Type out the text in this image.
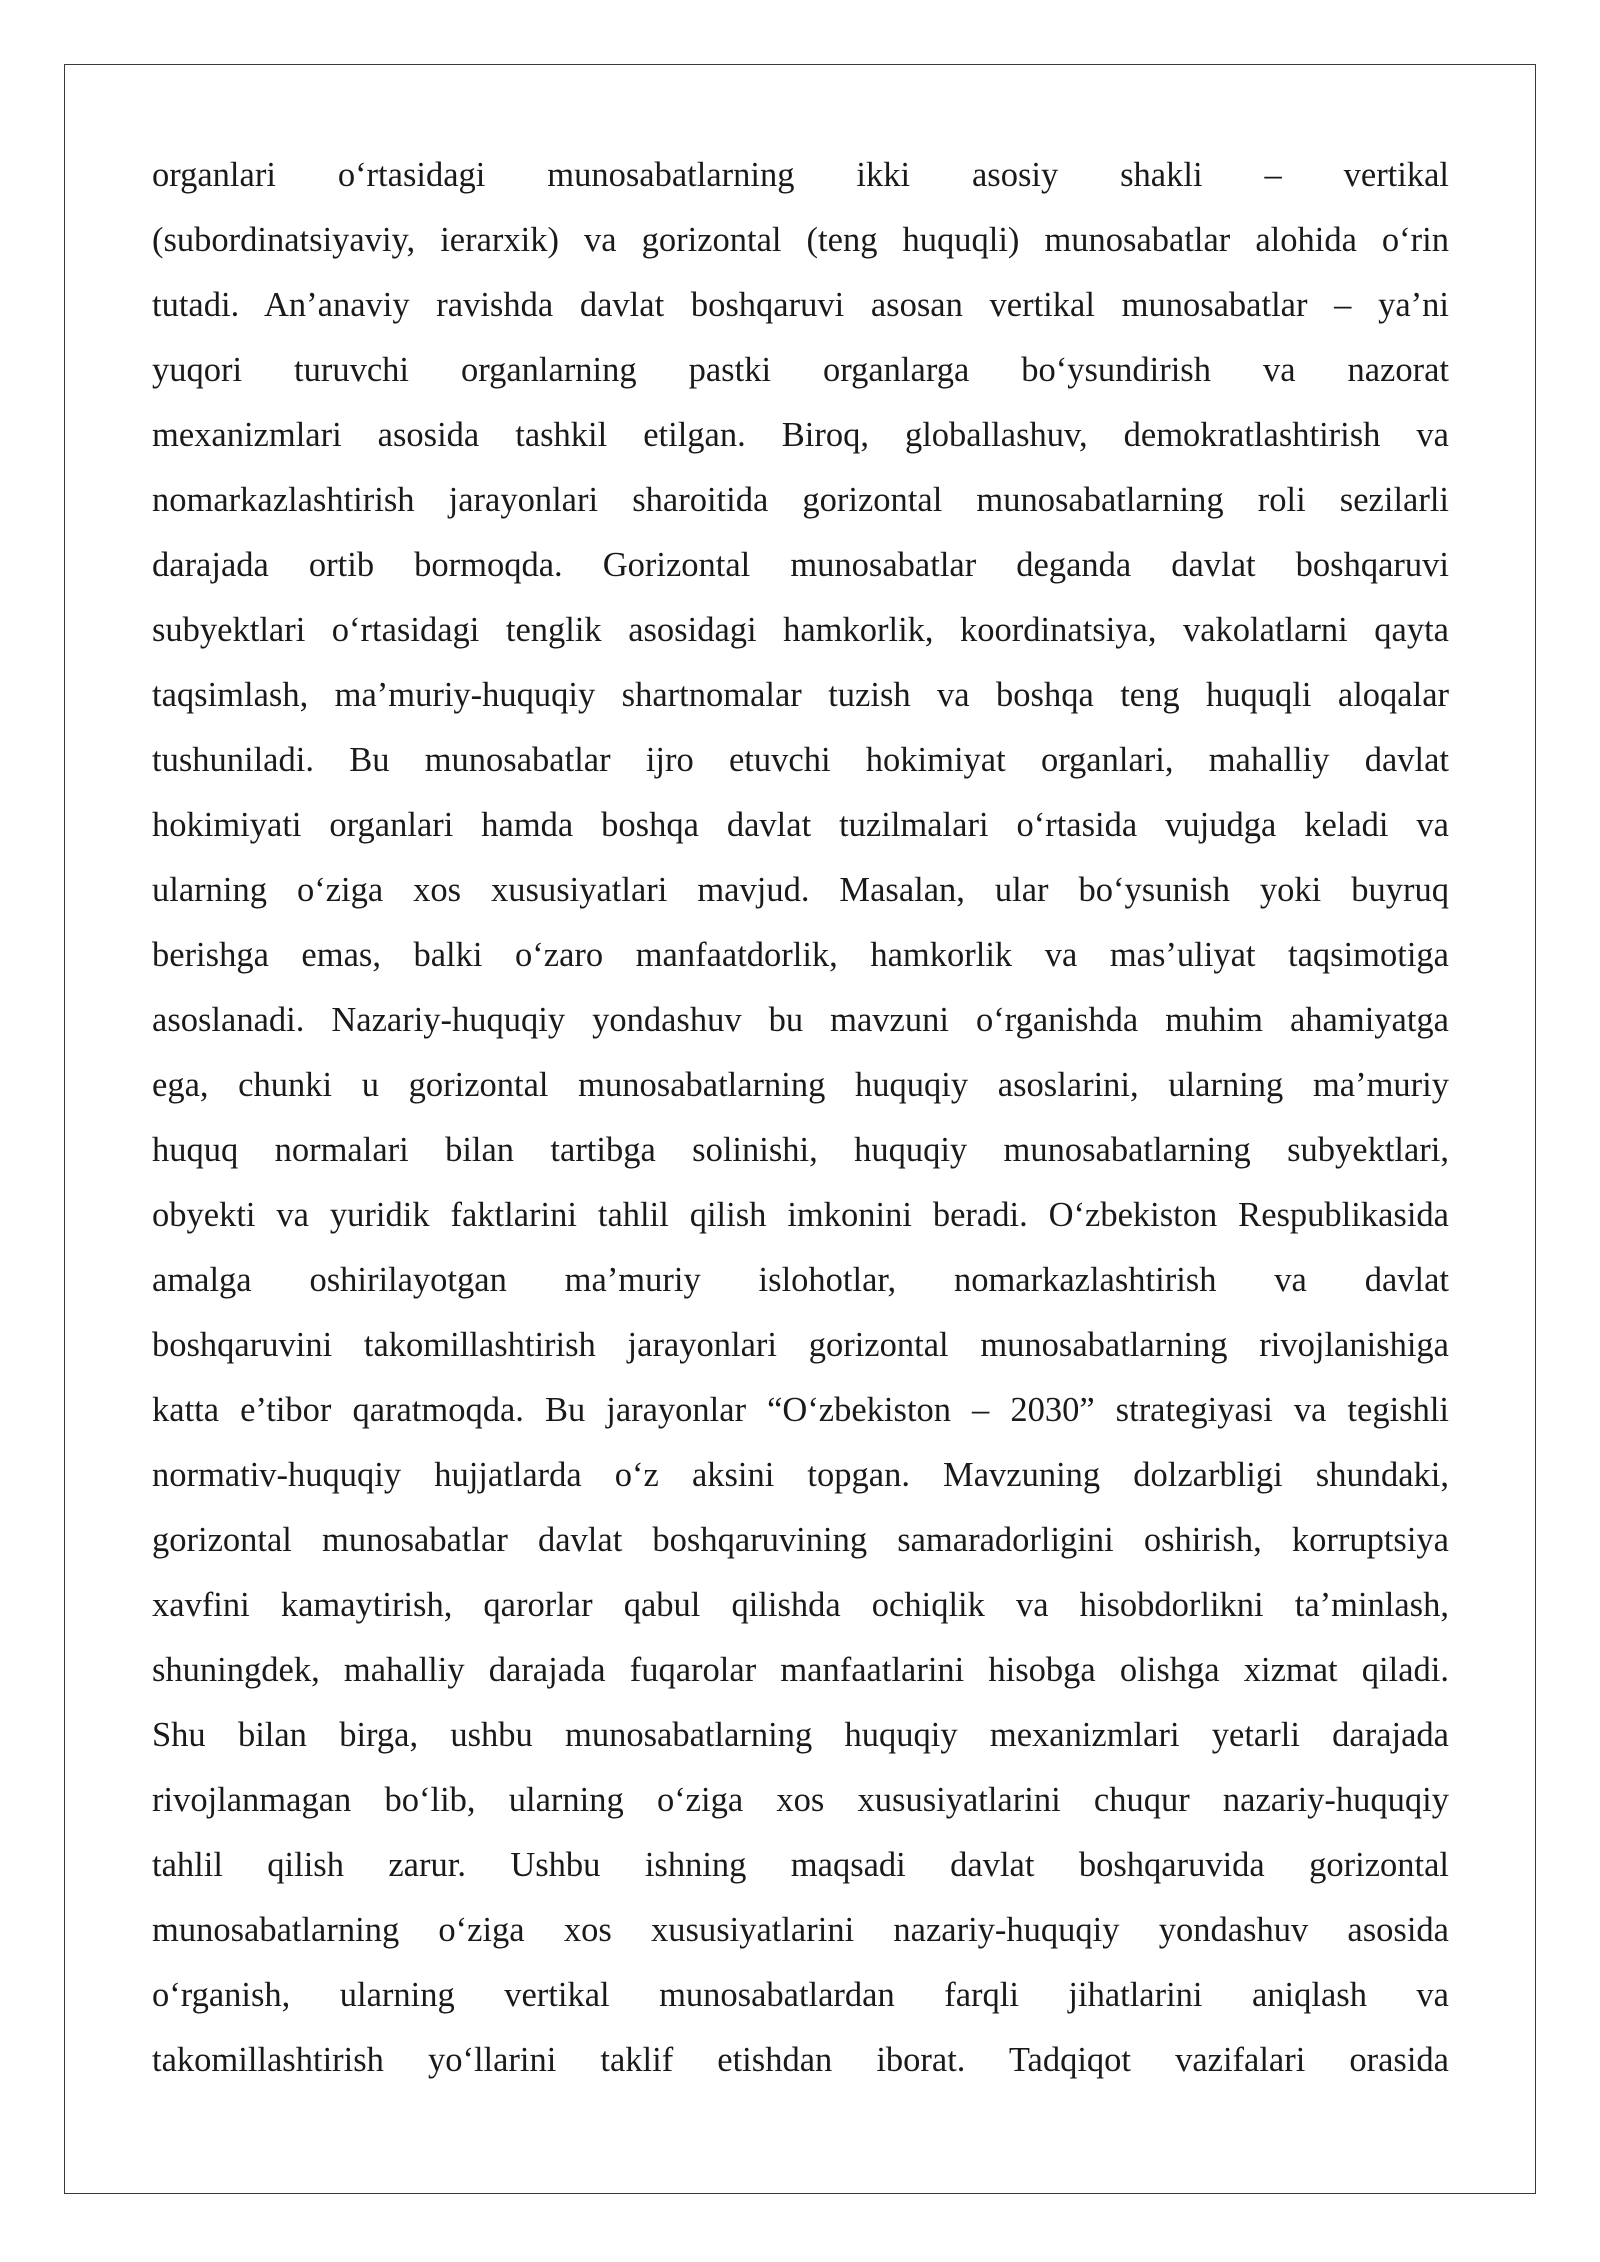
organlari o‘rtasidagi munosabatlarning ikki asosiy shakli – vertikal
(subordinatsiyaviy, ierarxik) va gorizontal (teng huquqli) munosabatlar alohida o‘rin
tutadi. An’anaviy ravishda davlat boshqaruvi asosan vertikal munosabatlar – ya’ni
yuqori turuvchi organlarning pastki organlarga bo‘ysundirish va nazorat
mexanizmlari asosida tashkil etilgan. Biroq, globallashuv, demokratlashtirish va
nomarkazlashtirish jarayonlari sharoitida gorizontal munosabatlarning roli sezilarli
darajada ortib bormoqda. Gorizontal munosabatlar deganda davlat boshqaruvi
subyektlari o‘rtasidagi tenglik asosidagi hamkorlik, koordinatsiya, vakolatlarni qayta
taqsimlash, ma’muriy-huquqiy shartnomalar tuzish va boshqa teng huquqli aloqalar
tushuniladi. Bu munosabatlar ijro etuvchi hokimiyat organlari, mahalliy davlat
hokimiyati organlari hamda boshqa davlat tuzilmalari o‘rtasida vujudga keladi va
ularning o‘ziga xos xususiyatlari mavjud. Masalan, ular bo‘ysunish yoki buyruq
berishga emas, balki o‘zaro manfaatdorlik, hamkorlik va mas’uliyat taqsimotiga
asoslanadi. Nazariy-huquqiy yondashuv bu mavzuni o‘rganishda muhim ahamiyatga
ega, chunki u gorizontal munosabatlarning huquqiy asoslarini, ularning ma’muriy
huquq normalari bilan tartibga solinishi, huquqiy munosabatlarning subyektlari,
obyekti va yuridik faktlarini tahlil qilish imkonini beradi. O‘zbekiston Respublikasida
amalga oshirilayotgan ma’muriy islohotlar, nomarkazlashtirish va davlat
boshqaruvini takomillashtirish jarayonlari gorizontal munosabatlarning rivojlanishiga
katta e’tibor qaratmoqda. Bu jarayonlar “O‘zbekiston – 2030” strategiyasi va tegishli
normativ-huquqiy hujjatlarda o‘z aksini topgan. Mavzuning dolzarbligi shundaki,
gorizontal munosabatlar davlat boshqaruvining samaradorligini oshirish, korruptsiya
xavfini kamaytirish, qarorlar qabul qilishda ochiqlik va hisobdorlikni ta’minlash,
shuningdek, mahalliy darajada fuqarolar manfaatlarini hisobga olishga xizmat qiladi.
Shu bilan birga, ushbu munosabatlarning huquqiy mexanizmlari yetarli darajada
rivojlanmagan bo‘lib, ularning o‘ziga xos xususiyatlarini chuqur nazariy-huquqiy
tahlil qilish zarur. Ushbu ishning maqsadi davlat boshqaruvida gorizontal
munosabatlarning o‘ziga xos xususiyatlarini nazariy-huquqiy yondashuv asosida
o‘rganish, ularning vertikal munosabatlardan farqli jihatlarini aniqlash va
takomillashtirish yo‘llarini taklif etishdan iborat. Tadqiqot vazifalari orasida
